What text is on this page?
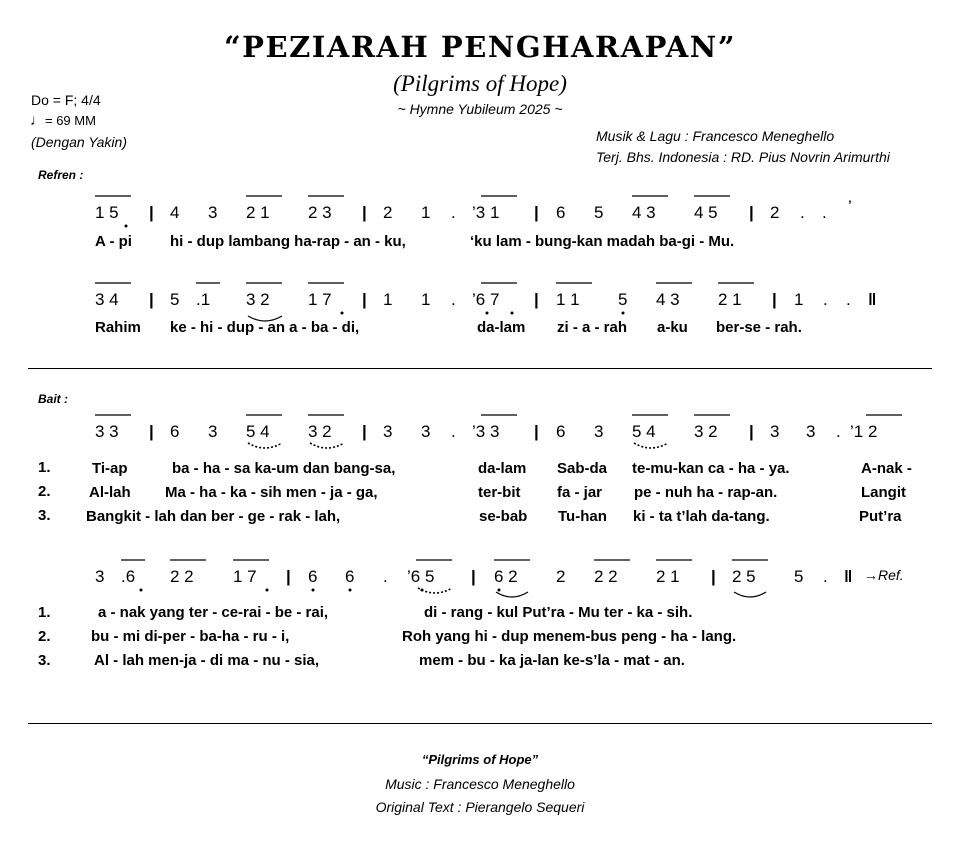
“PEZIARAH PENGHARAPAN”
(Pilgrims of Hope)
~ Hymne Yubileum 2025 ~
Do = F; 4/4
♩= 69 MM
(Dengan Yakin)	Musik & Lagu : Francesco Meneghello
Terj. Bhs. Indonesia : RD. Pius Novrin Arimurthi
Refren :
1 5 | 4 3 2 1 2 3 | 2 1 . ’3 1 | 6 5 4 3 4 5 | 2 . . ’
A - pi	hi - dup lambang ha-rap - an - ku,	‘ku lam - bung-kan madah ba-gi - Mu.
3 4 | 5 .1 3 2 1 7 | 1 1 . ’6 7 | 1 1 5 4 3 2 1 | 1 . . ‖
Rahim ke - hi - dup - an a - ba - di,	da-lam zi - a - rah a-ku ber-se - rah.
Bait :
3 3 | 6 3 5 4 3 2 | 3 3 . ’3 3 | 6 3 5 4 3 2 | 3 3 . ’1 2
1.	Ti-ap	ba - ha - sa ka-um dan bang-sa,	da-lam Sab-da te-mu-kan ca - ha - ya.	A-nak -
2.	Al-lah Ma - ha - ka - sih men - ja - ga,	ter-bit fa - jar pe - nuh ha - rap-an.	Langit
3. Bangkit - lah dan ber - ge - rak - lah,	se-bab Tu-han ki - ta t’lah da-tang.	Put’ra
3 .6 2 2 1 7 | 6 6 . ’6 5 | 6 2 2 2 2 2 1 | 2 5 5 . ‖ →Ref.
1.	a - nak yang ter - ce-rai - be - rai,	di - rang - kul Put’ra - Mu ter - ka - sih.
2.	bu - mi di-per - ba-ha - ru - i,	Roh yang hi - dup menem-bus peng - ha - lang.
3.	Al - lah men-ja - di ma - nu - sia,	mem - bu - ka ja-lan ke-s’la - mat - an.
“Pilgrims of Hope”
Music : Francesco Meneghello
Original Text : Pierangelo Sequeri
